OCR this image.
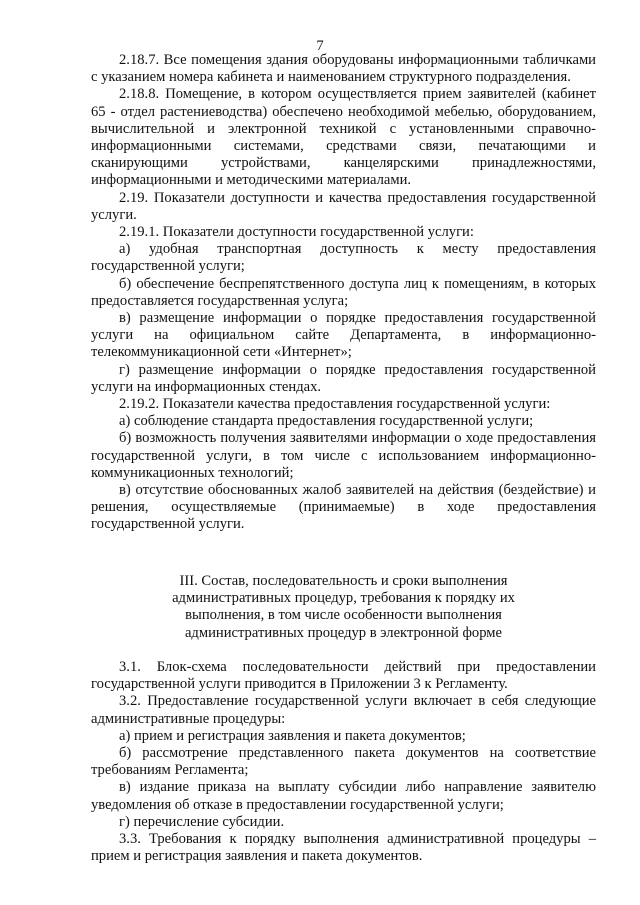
7

2.18.7. Все помещения здания оборудованы информационными табличками с указанием номера кабинета и наименованием структурного подразделения.

2.18.8. Помещение, в котором осуществляется прием заявителей (кабинет 65 - отдел растениеводства) обеспечено необходимой мебелью, оборудованием, вычислительной и электронной техникой с установленными справочно-информационными системами, средствами связи, печатающими и сканирующими устройствами, канцелярскими принадлежностями, информационными и методическими материалами.

2.19. Показатели доступности и качества предоставления государственной услуги.

2.19.1. Показатели доступности государственной услуги:

а) удобная транспортная доступность к месту предоставления государственной услуги;

б) обеспечение беспрепятственного доступа лиц к помещениям, в которых предоставляется государственная услуга;

в) размещение информации о порядке предоставления государственной услуги на официальном сайте Департамента, в информационно-телекоммуникационной сети «Интернет»;

г) размещение информации о порядке предоставления государственной услуги на информационных стендах.

2.19.2. Показатели качества предоставления государственной услуги:

а) соблюдение стандарта предоставления государственной услуги;

б) возможность получения заявителями информации о ходе предоставления государственной услуги, в том числе с использованием информационно-коммуникационных технологий;

в) отсутствие обоснованных жалоб заявителей на действия (бездействие) и решения, осуществляемые (принимаемые) в ходе предоставления государственной услуги.

III. Состав, последовательность и сроки выполнения

административных процедур, требования к порядку их

выполнения, в том числе особенности выполнения

административных процедур в электронной форме

3.1. Блок-схема последовательности действий при предоставлении государственной услуги приводится в Приложении 3 к Регламенту.

3.2. Предоставление государственной услуги включает в себя следующие административные процедуры:

а) прием и регистрация заявления и пакета документов;

б) рассмотрение представленного пакета документов на соответствие требованиям Регламента;

в) издание приказа на выплату субсидии либо направление заявителю уведомления об отказе в предоставлении государственной услуги;

г) перечисление субсидии.

3.3. Требования к порядку выполнения административной процедуры – прием и регистрация заявления и пакета документов.
